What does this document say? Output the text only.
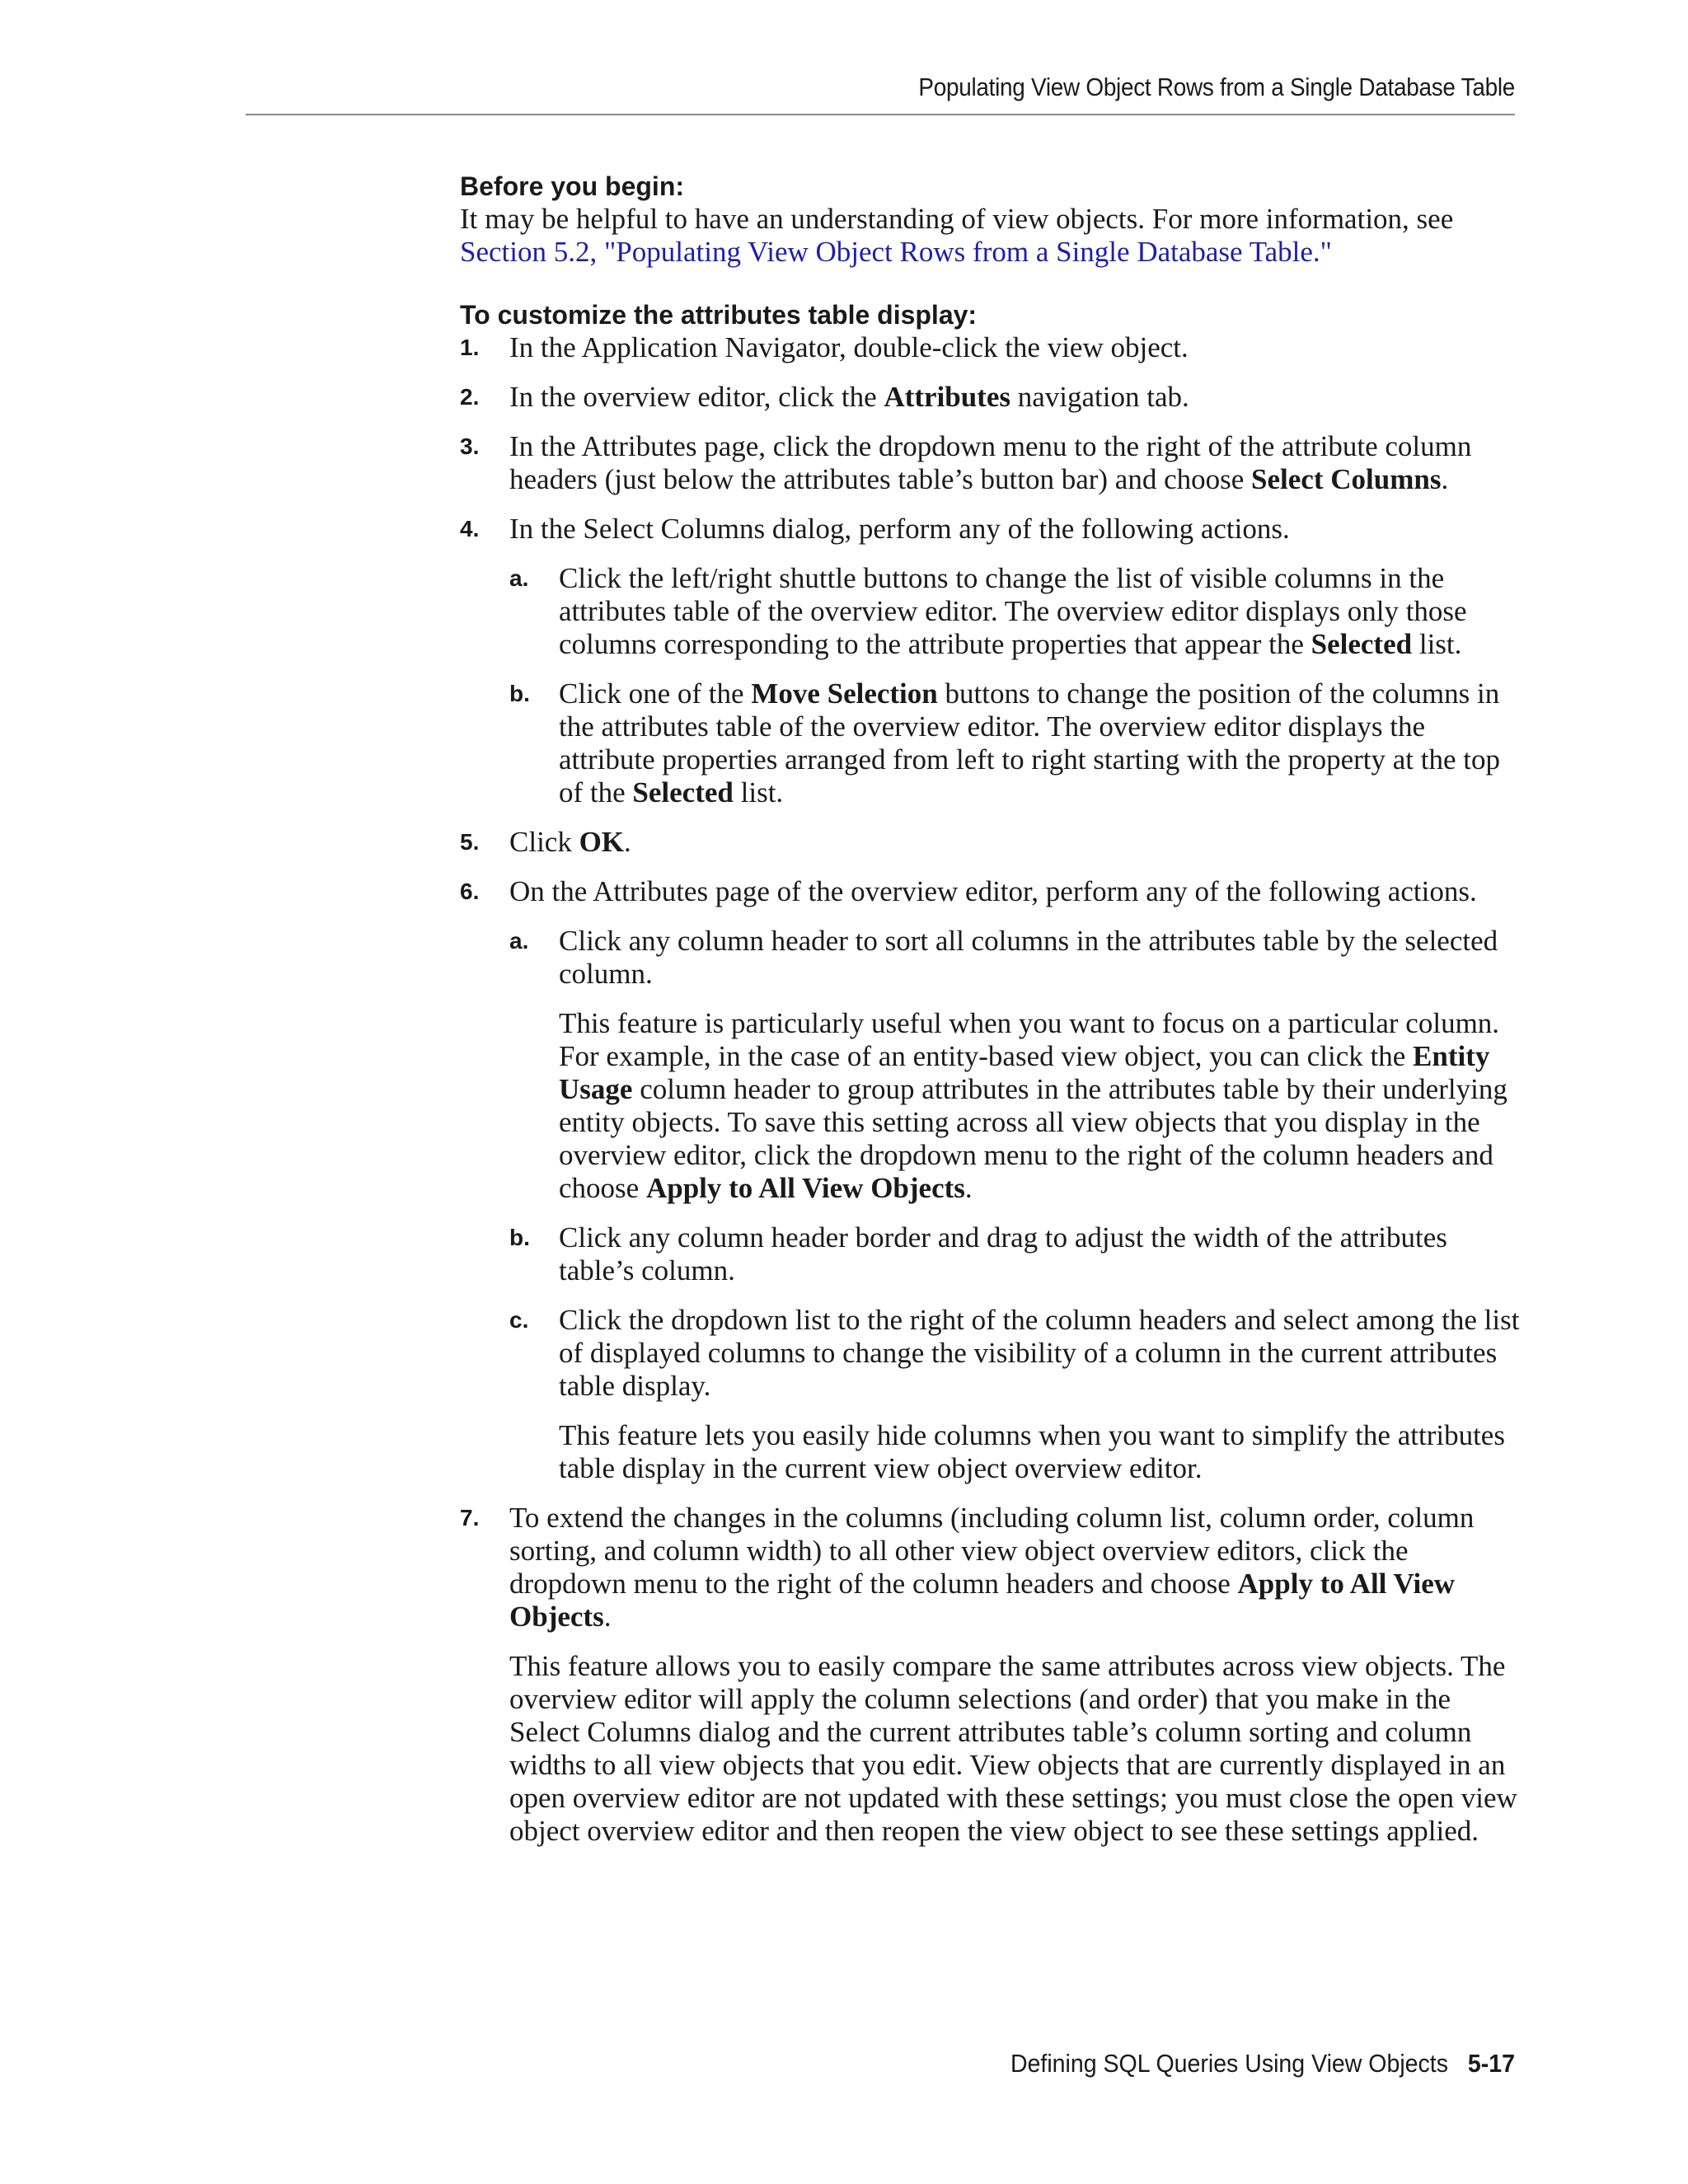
Populating View Object Rows from a Single Database Table

Before you begin:

It may be helpful to have an understanding of view objects. For more information, see Section 5.2, "Populating View Object Rows from a Single Database Table."

To customize the attributes table display:

1. In the Application Navigator, double-click the view object.
2. In the overview editor, click the Attributes navigation tab.
3. In the Attributes page, click the dropdown menu to the right of the attribute column headers (just below the attributes table’s button bar) and choose Select Columns.
4. In the Select Columns dialog, perform any of the following actions.
a. Click the left/right shuttle buttons to change the list of visible columns in the attributes table of the overview editor. The overview editor displays only those columns corresponding to the attribute properties that appear the Selected list.
b. Click one of the Move Selection buttons to change the position of the columns in the attributes table of the overview editor. The overview editor displays the attribute properties arranged from left to right starting with the property at the top of the Selected list.
5. Click OK.
6. On the Attributes page of the overview editor, perform any of the following actions.
a. Click any column header to sort all columns in the attributes table by the selected column.
This feature is particularly useful when you want to focus on a particular column. For example, in the case of an entity-based view object, you can click the Entity Usage column header to group attributes in the attributes table by their underlying entity objects. To save this setting across all view objects that you display in the overview editor, click the dropdown menu to the right of the column headers and choose Apply to All View Objects.
b. Click any column header border and drag to adjust the width of the attributes table’s column.
c. Click the dropdown list to the right of the column headers and select among the list of displayed columns to change the visibility of a column in the current attributes table display.
This feature lets you easily hide columns when you want to simplify the attributes table display in the current view object overview editor.
7. To extend the changes in the columns (including column list, column order, column sorting, and column width) to all other view object overview editors, click the dropdown menu to the right of the column headers and choose Apply to All View Objects.
This feature allows you to easily compare the same attributes across view objects. The overview editor will apply the column selections (and order) that you make in the Select Columns dialog and the current attributes table’s column sorting and column widths to all view objects that you edit. View objects that are currently displayed in an open overview editor are not updated with these settings; you must close the open view object overview editor and then reopen the view object to see these settings applied.
Defining SQL Queries Using View Objects 5-17
